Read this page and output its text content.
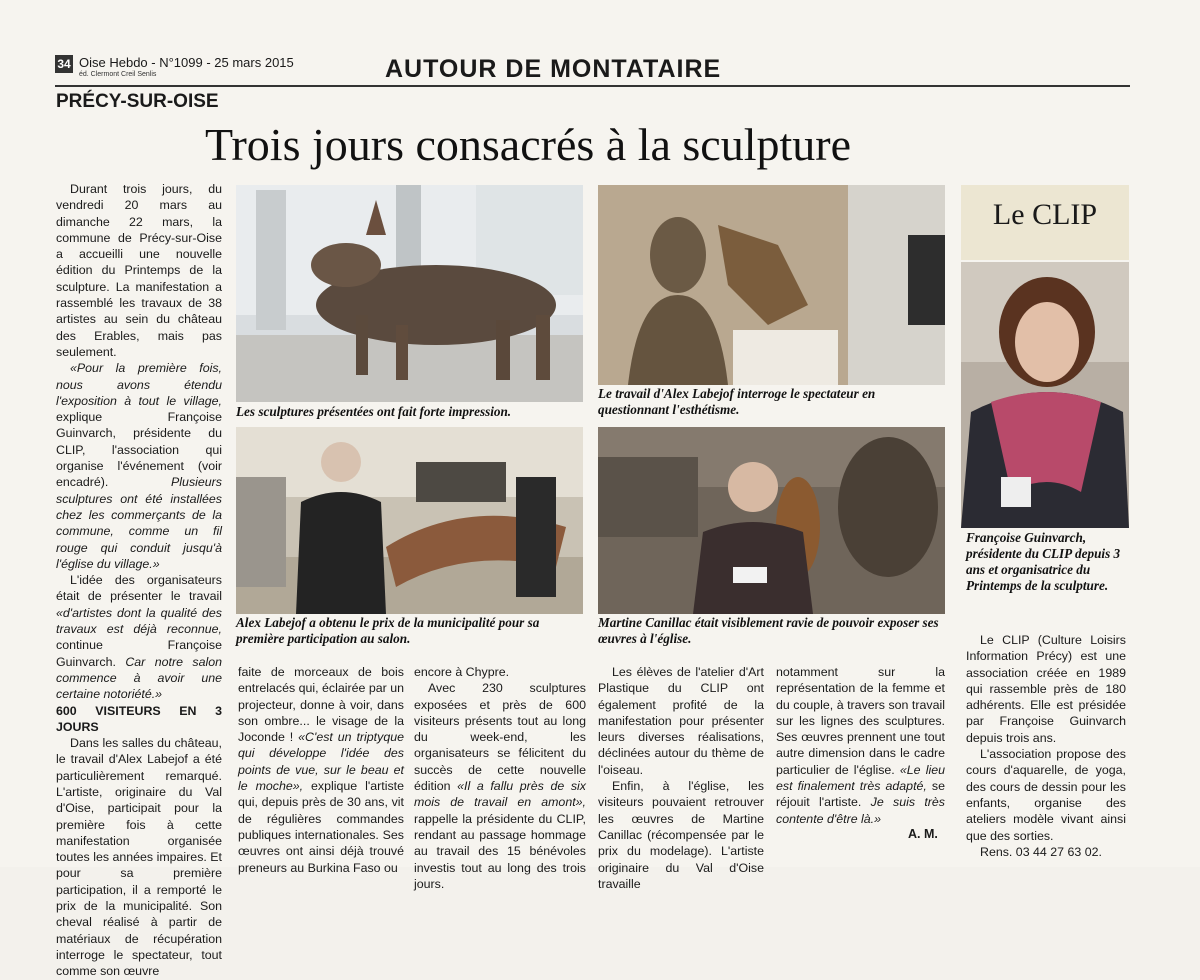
34 Oise Hebdo - N°1099 - 25 mars 2015
éd. Clermont Creil Senlis	AUTOUR DE MONTATAIRE
PRÉCY-SUR-OISE
Trois jours consacrés à la sculpture

Durant trois jours, du vendredi 20 mars au dimanche 22 mars, la commune de Précy-sur-Oise a accueilli une nouvelle édition du Printemps de la sculpture. La manifestation a rassemblé les travaux de 38 artistes au sein du château des Erables, mais pas seulement.

«Pour la première fois, nous avons étendu l'exposition à tout le village, explique Françoise Guinvarch, présidente du CLIP, l'association qui organise l'événement (voir encadré). Plusieurs sculptures ont été installées chez les commerçants de la commune, comme un fil rouge qui conduit jusqu'à l'église du village.»

L'idée des organisateurs était de présenter le travail «d'artistes dont la qualité des travaux est déjà reconnue, continue Françoise Guinvarch. Car notre salon commence à avoir une certaine notoriété.»

600 VISITEURS EN 3 JOURS

Dans les salles du château, le travail d'Alex Labejof a été particulièrement remarqué. L'artiste, originaire du Val d'Oise, participait pour la première fois à cette manifestation organisée toutes les années impaires. Et pour sa première participation, il a remporté le prix de la municipalité. Son cheval réalisé à partir de matériaux de récupération interroge le spectateur, tout comme son œuvre

Les sculptures présentées ont fait forte impression.
Le travail d'Alex Labejof interroge le spectateur en questionnant l'esthétisme.
Alex Labejof a obtenu le prix de la municipalité pour sa première participation au salon.
Martine Canillac était visiblement ravie de pouvoir exposer ses œuvres à l'église.

faite de morceaux de bois entrelacés qui, éclairée par un projecteur, donne à voir, dans son ombre... le visage de la Joconde ! «C'est un triptyque qui développe l'idée des points de vue, sur le beau et le moche», explique l'artiste qui, depuis près de 30 ans, vit de régulières commandes publiques internationales. Ses œuvres ont ainsi déjà trouvé preneurs au Burkina Faso ou

encore à Chypre.

Avec 230 sculptures exposées et près de 600 visiteurs présents tout au long du week-end, les organisateurs se félicitent du succès de cette nouvelle édition «Il a fallu près de six mois de travail en amont», rappelle la présidente du CLIP, rendant au passage hommage au travail des 15 bénévoles investis tout au long des trois jours.

Les élèves de l'atelier d'Art Plastique du CLIP ont également profité de la manifestation pour présenter leurs diverses réalisations, déclinées autour du thème de l'oiseau.

Enfin, à l'église, les visiteurs pouvaient retrouver les œuvres de Martine Canillac (récompensée par le prix du modelage). L'artiste originaire du Val d'Oise travaille

notamment sur la représentation de la femme et du couple, à travers son travail sur les lignes des sculptures. Ses œuvres prennent une tout autre dimension dans le cadre particulier de l'église. «Le lieu est finalement très adapté, se réjouit l'artiste. Je suis très contente d'être là.»

A. M.
Le CLIP
Françoise Guinvarch, présidente du CLIP depuis 3 ans et organisatrice du Printemps de la sculpture.

Le CLIP (Culture Loisirs Information Précy) est une association créée en 1989 qui rassemble près de 180 adhérents. Elle est présidée par Françoise Guinvarch depuis trois ans.

L'association propose des cours d'aquarelle, de yoga, des cours de dessin pour les enfants, organise des ateliers modèle vivant ainsi que des sorties.

Rens. 03 44 27 63 02.
